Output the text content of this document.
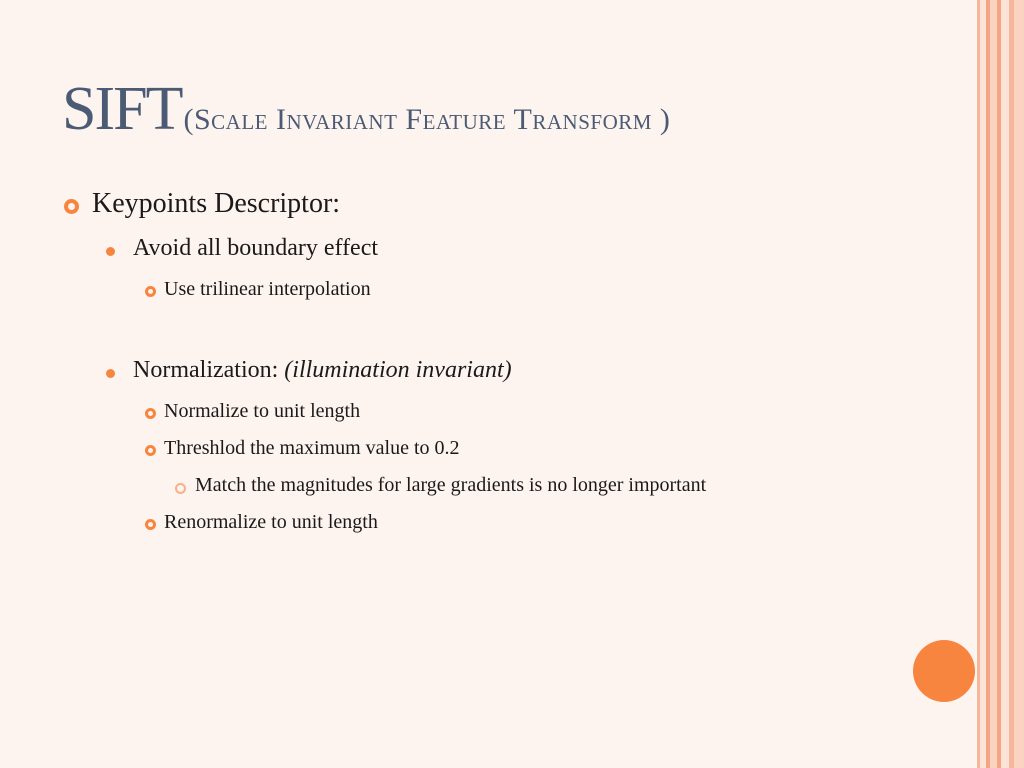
SIFT(Scale Invariant Feature Transform )
Keypoints Descriptor:
Avoid all boundary effect
Use trilinear interpolation
Normalization: (illumination invariant)
Normalize to unit length
Threshlod the maximum value to 0.2
Match the magnitudes for large gradients is no longer important
Renormalize to unit length
